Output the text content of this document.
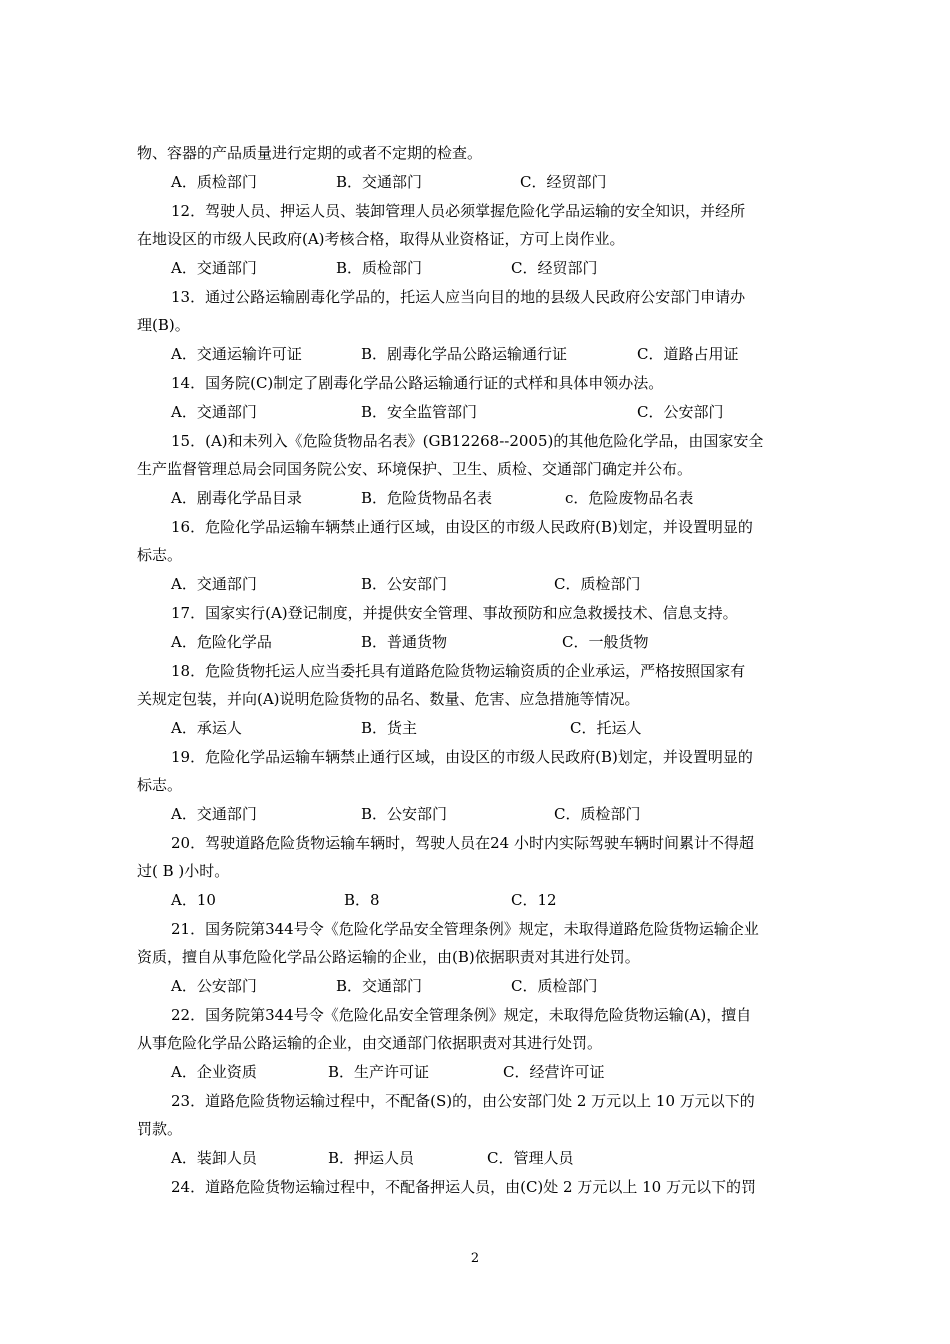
物、容器的产品质量进行定期的或者不定期的检查。
A．质检部门	B．交通部门	C．经贸部门
12．驾驶人员、押运人员、装卸管理人员必须掌握危险化学品运输的安全知识，并经所
在地设区的市级人民政府(A)考核合格，取得从业资格证，方可上岗作业。
A．交通部门	B．质检部门	C．经贸部门
13．通过公路运输剧毒化学品的，托运人应当向目的地的县级人民政府公安部门申请办
理(B)。
A．交通运输许可证	B．剧毒化学品公路运输通行证	C．道路占用证
14．国务院(C)制定了剧毒化学品公路运输通行证的式样和具体申领办法。
A．交通部门	B．安全监管部门	C．公安部门
15．(A)和未列入《危险货物品名表》(GB12268--2005)的其他危险化学品，由国家安全
生产监督管理总局会同国务院公安、环境保护、卫生、质检、交通部门确定并公布。
A．剧毒化学品目录	B．危险货物品名表	c．危险废物品名表
16．危险化学品运输车辆禁止通行区域，由设区的市级人民政府(B)划定，并设置明显的
标志。
A．交通部门	B．公安部门	C．质检部门
17．国家实行(A)登记制度，并提供安全管理、事故预防和应急救援技术、信息支持。
A．危险化学品	B．普通货物	C．一般货物
18．危险货物托运人应当委托具有道路危险货物运输资质的企业承运，严格按照国家有
关规定包装，并向(A)说明危险货物的品名、数量、危害、应急措施等情况。
A．承运人	B．货主	C．托运人
19．危险化学品运输车辆禁止通行区域，由设区的市级人民政府(B)划定，并设置明显的
标志。
A．交通部门	B．公安部门	C．质检部门
20．驾驶道路危险货物运输车辆时，驾驶人员在24 小时内实际驾驶车辆时间累计不得超
过( B )小时。
A．10	B．8	C．12
21．国务院第344号令《危险化学品安全管理条例》规定，未取得道路危险货物运输企业
资质，擅自从事危险化学品公路运输的企业，由(B)依据职责对其进行处罚。
A．公安部门	B．交通部门	C．质检部门
22．国务院第344号令《危险化品安全管理条例》规定，未取得危险货物运输(A)，擅自
从事危险化学品公路运输的企业，由交通部门依据职责对其进行处罚。
A．企业资质	B．生产许可证	C．经营许可证
23．道路危险货物运输过程中，不配备(S)的，由公安部门处 2 万元以上 10 万元以下的
罚款。
A．装卸人员	B．押运人员	C．管理人员
24．道路危险货物运输过程中，不配备押运人员，由(C)处 2 万元以上 10 万元以下的罚
2
